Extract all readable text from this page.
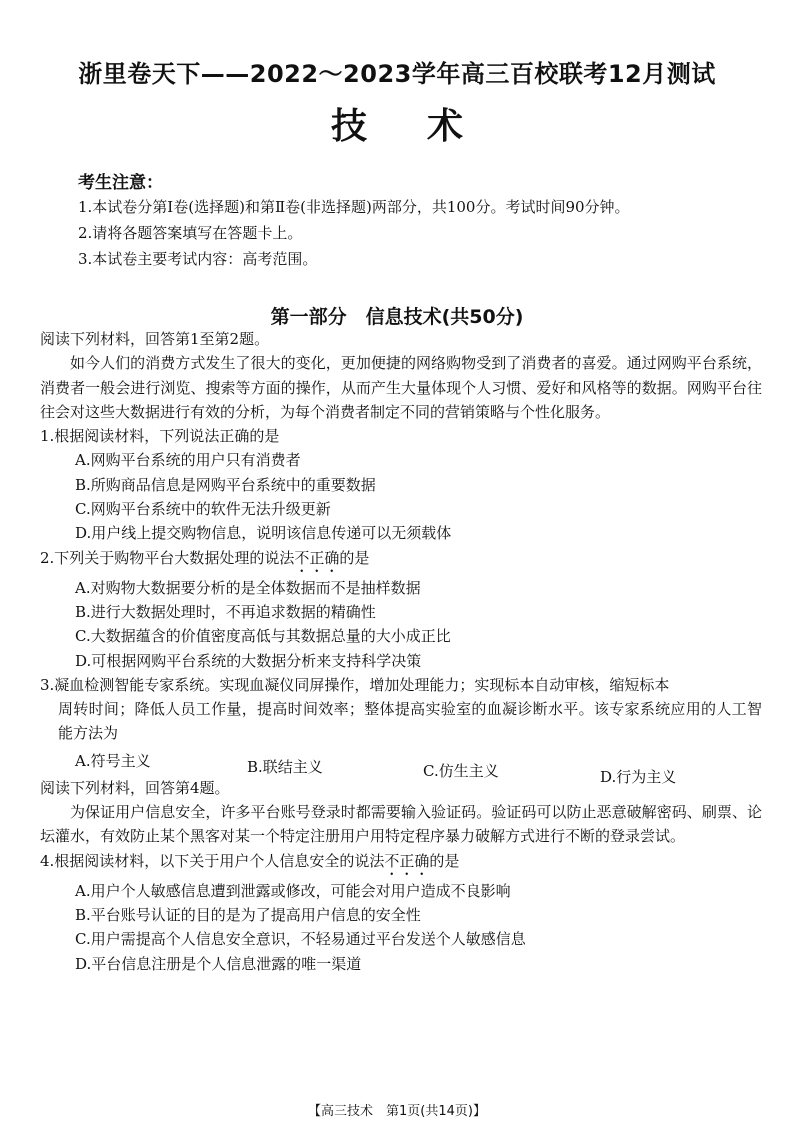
浙里卷天下——2022～2023学年高三百校联考12月测试
技术
考生注意：
1.本试卷分第Ⅰ卷(选择题)和第Ⅱ卷(非选择题)两部分，共100分。考试时间90分钟。
2.请将各题答案填写在答题卡上。
3.本试卷主要考试内容：高考范围。
第一部分　信息技术(共50分)
阅读下列材料，回答第1至第2题。
如今人们的消费方式发生了很大的变化，更加便捷的网络购物受到了消费者的喜爱。通过网购平台系统，消费者一般会进行浏览、搜索等方面的操作，从而产生大量体现个人习惯、爱好和风格等的数据。网购平台往往会对这些大数据进行有效的分析，为每个消费者制定不同的营销策略与个性化服务。
1.根据阅读材料，下列说法正确的是
A.网购平台系统的用户只有消费者
B.所购商品信息是网购平台系统中的重要数据
C.网购平台系统中的软件无法升级更新
D.用户线上提交购物信息，说明该信息传递可以无须载体
2.下列关于购物平台大数据处理的说法不正确的是
A.对购物大数据要分析的是全体数据而不是抽样数据
B.进行大数据处理时，不再追求数据的精确性
C.大数据蕴含的价值密度高低与其数据总量的大小成正比
D.可根据网购平台系统的大数据分析来支持科学决策
3.凝血检测智能专家系统。实现血凝仪同屏操作，增加处理能力；实现标本自动审核，缩短标本
周转时间；降低人员工作量，提高时间效率；整体提高实验室的血凝诊断水平。该专家系统应用的人工智能方法为
A.符号主义	B.联结主义	C.仿生主义	D.行为主义
阅读下列材料，回答第4题。
为保证用户信息安全，许多平台账号登录时都需要输入验证码。验证码可以防止恶意破解密码、刷票、论坛灌水，有效防止某个黑客对某一个特定注册用户用特定程序暴力破解方式进行不断的登录尝试。
4.根据阅读材料，以下关于用户个人信息安全的说法不正确的是
A.用户个人敏感信息遭到泄露或修改，可能会对用户造成不良影响
B.平台账号认证的目的是为了提高用户信息的安全性
C.用户需提高个人信息安全意识，不轻易通过平台发送个人敏感信息
D.平台信息注册是个人信息泄露的唯一渠道
【高三技术　第1页(共14页)】
